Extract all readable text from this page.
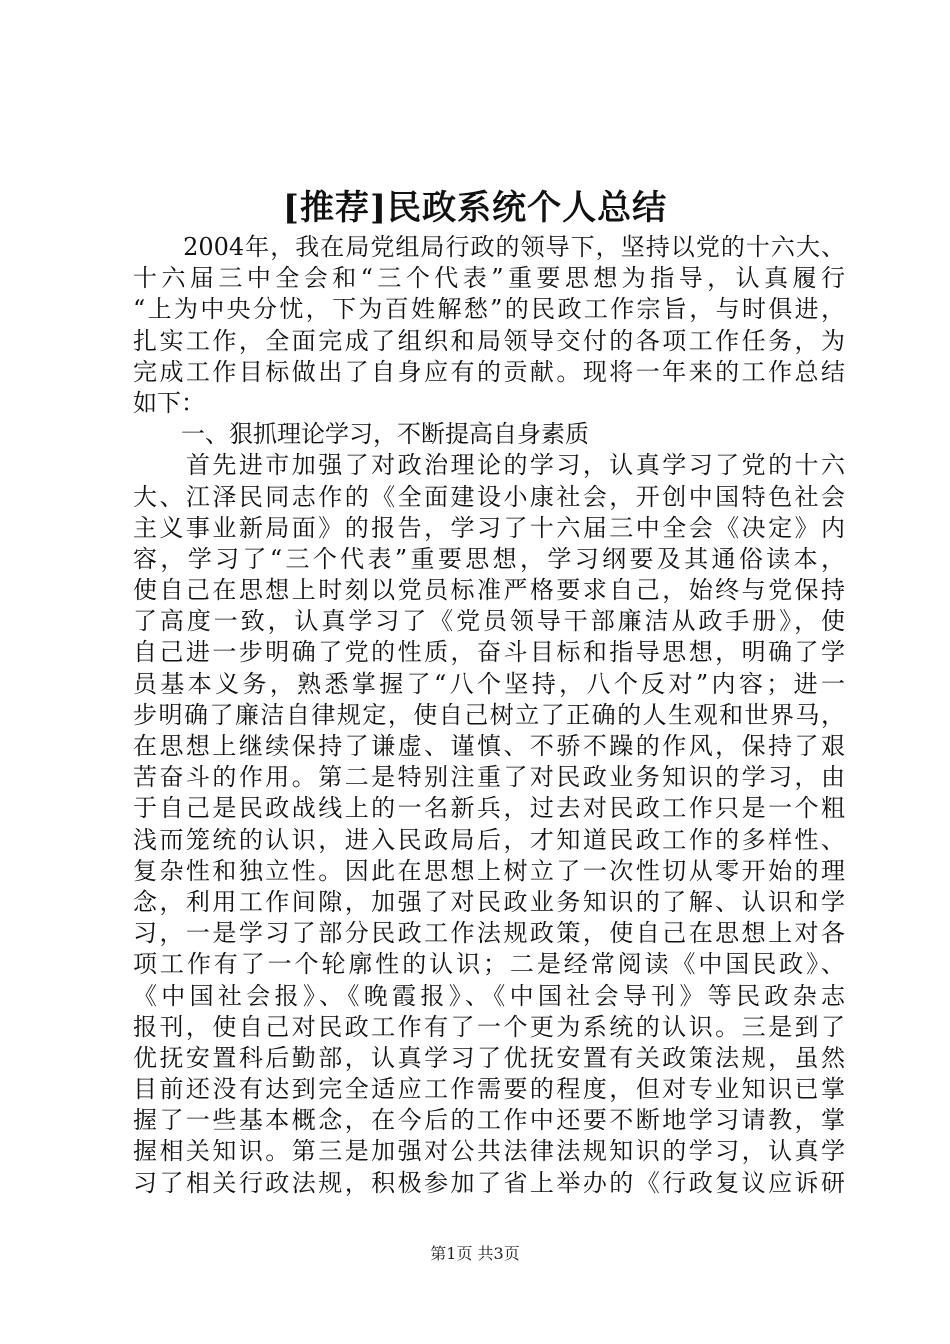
[推荐]民政系统个人总结
　　2004年，我在局党组局行政的领导下，坚持以党的十六大、
十六届三中全会和“三个代表”重要思想为指导，认真履行
“上为中央分忧，下为百姓解愁”的民政工作宗旨，与时俱进，
扎实工作，全面完成了组织和局领导交付的各项工作任务，为
完成工作目标做出了自身应有的贡献。现将一年来的工作总结
如下：
　　一、狠抓理论学习，不断提高自身素质
　　首先进市加强了对政治理论的学习，认真学习了党的十六
大、江泽民同志作的《全面建设小康社会，开创中国特色社会
主义事业新局面》的报告，学习了十六届三中全会《决定》内
容，学习了“三个代表”重要思想，学习纲要及其通俗读本，
使自己在思想上时刻以党员标准严格要求自己，始终与党保持
了高度一致，认真学习了《党员领导干部廉洁从政手册》，使
自己进一步明确了党的性质，奋斗目标和指导思想，明确了学
员基本义务，熟悉掌握了“八个坚持，八个反对”内容；进一
步明确了廉洁自律规定，使自己树立了正确的人生观和世界马，
在思想上继续保持了谦虚、谨慎、不骄不躁的作风，保持了艰
苦奋斗的作用。第二是特别注重了对民政业务知识的学习，由
于自己是民政战线上的一名新兵，过去对民政工作只是一个粗
浅而笼统的认识，进入民政局后，才知道民政工作的多样性、
复杂性和独立性。因此在思想上树立了一次性切从零开始的理
念，利用工作间隙，加强了对民政业务知识的了解、认识和学
习，一是学习了部分民政工作法规政策，使自己在思想上对各
项工作有了一个轮廓性的认识；二是经常阅读《中国民政》、
《中国社会报》、《晚霞报》、《中国社会导刊》等民政杂志
报刊，使自己对民政工作有了一个更为系统的认识。三是到了
优抚安置科后勤部，认真学习了优抚安置有关政策法规，虽然
目前还没有达到完全适应工作需要的程度，但对专业知识已掌
握了一些基本概念，在今后的工作中还要不断地学习请教，掌
握相关知识。第三是加强对公共法律法规知识的学习，认真学
习了相关行政法规，积极参加了省上举办的《行政复议应诉研
第1页 共3页
